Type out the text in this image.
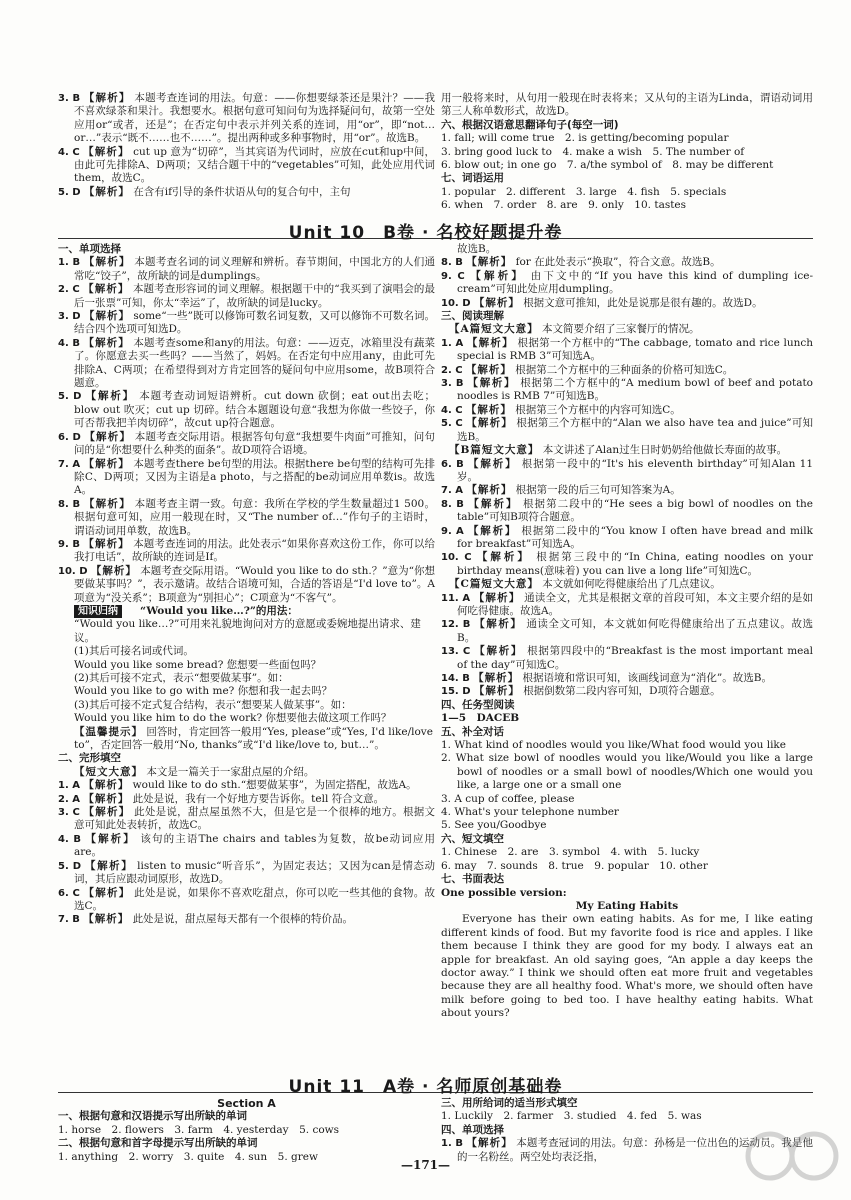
3. B 【解析】 本题考查连词的用法。句意：——你想要绿茶还是果汁？——我不喜欢绿茶和果汁。我想要水。根据句意可知问句为选择疑问句，故第一空处应用or“或者，还是”；在否定句中表示并列关系的连词，用“or”，即“not…or…”表示“既不……也不……”。提出两种或多种事物时，用“or”。故选B。

4. C 【解析】 cut up 意为“切碎”，当其宾语为代词时，应放在cut和up中间，由此可先排除A、D两项；又结合题干中的“vegetables”可知，此处应用代词them，故选C。

5. D 【解析】 在含有if引导的条件状语从句的复合句中，主句

用一般将来时，从句用一般现在时表将来；又从句的主语为Linda，谓语动词用第三人称单数形式，故选D。

六、根据汉语意思翻译句子(每空一词)

1. fall; will come true　2. is getting/becoming popular

3. bring good luck to　4. make a wish　5. The number of

6. blow out; in one go　7. a/the symbol of　8. may be different

七、词语运用

1. popular　2. different　3. large　4. fish　5. specials

6. when　7. order　8. are　9. only　10. tastes

Unit 10　B卷 · 名校好题提升卷

一、单项选择

1. B 【解析】 本题考查名词的词义理解和辨析。春节期间，中国北方的人们通常吃“饺子”，故所缺的词是dumplings。

2. C 【解析】 本题考查形容词的词义理解。根据题干中的“我买到了演唱会的最后一张票”可知，你太“幸运”了，故所缺的词是lucky。

3. D 【解析】 some“一些”既可以修饰可数名词复数，又可以修饰不可数名词。结合四个选项可知选D。

4. B 【解析】 本题考查some和any的用法。句意：——迈克，冰箱里没有蔬菜了。你愿意去买一些吗？——当然了，妈妈。在否定句中应用any，由此可先排除A、C两项；在希望得到对方肯定回答的疑问句中应用some，故B项符合题意。

5. D 【解析】 本题考查动词短语辨析。cut down 砍倒；eat out出去吃；blow out 吹灭；cut up 切碎。结合本题题设句意“我想为你做一些饺子，你可否帮我把羊肉切碎”，故cut up符合题意。

6. D 【解析】 本题考查交际用语。根据答句句意“我想要牛肉面”可推知，问句问的是“你想要什么种类的面条”。故D项符合语境。

7. A 【解析】 本题考查there be句型的用法。根据there be句型的结构可先排除C、D两项；又因为主语是a photo，与之搭配的be动词应用单数is。故选A。

8. B 【解析】 本题考查主谓一致。句意：我所在学校的学生数量超过1 500。根据句意可知，应用一般现在时，又“The number of…”作句子的主语时，谓语动词用单数，故选B。

9. B 【解析】 本题考查连词的用法。此处表示“如果你喜欢这份工作，你可以给我打电话”，故所缺的连词是If。

10. D 【解析】 本题考查交际用语。“Would you like to do sth.？”意为“你想要做某事吗？”，表示邀请。故结合语境可知，合适的答语是“I'd love to”。A项意为“没关系”；B项意为“别担心”；C项意为“不客气”。

知识归纳 “Would you like…?”的用法：

“Would you like…?”可用来礼貌地询问对方的意愿或委婉地提出请求、建议。

(1)其后可接名词或代词。

Would you like some bread? 您想要一些面包吗？

(2)其后可接不定式，表示“想要做某事”。如：

Would you like to go with me? 你想和我一起去吗？

(3)其后可接不定式复合结构，表示“想要某人做某事”。如：

Would you like him to do the work? 你想要他去做这项工作吗？

【温馨提示】 回答时，肯定回答一般用“Yes, please”或“Yes, I'd like/love to”，否定回答一般用“No, thanks”或“I'd like/love to, but…”。

二、完形填空

【短文大意】 本文是一篇关于一家甜点屋的介绍。

1. A 【解析】 would like to do sth.“想要做某事”，为固定搭配，故选A。

2. A 【解析】 此处是说，我有一个好地方要告诉你。tell 符合文意。

3. C 【解析】 此处是说，甜点屋虽然不大，但是它是一个很棒的地方。根据文意可知此处表转折，故选C。

4. B 【解析】 该句的主语The chairs and tables为复数，故be动词应用are。

5. D 【解析】 listen to music“听音乐”，为固定表达；又因为can是情态动词，其后应跟动词原形，故选D。

6. C 【解析】 此处是说，如果你不喜欢吃甜点，你可以吃一些其他的食物。故选C。

7. B 【解析】 此处是说，甜点屋每天都有一个很棒的特价品。

故选B。

8. B 【解析】 for 在此处表示“换取”，符合文意。故选B。

9. C 【解析】 由下文中的“If you have this kind of dumpling ice-cream”可知此处应用dumpling。

10. D 【解析】 根据文意可推知，此处是说那是很有趣的。故选D。

三、阅读理解

【A篇短文大意】 本文简要介绍了三家餐厅的情况。

1. A 【解析】 根据第一个方框中的“The cabbage, tomato and rice lunch special is RMB 3”可知选A。

2. C 【解析】 根据第二个方框中的三种面条的价格可知选C。

3. B 【解析】 根据第二个方框中的“A medium bowl of beef and potato noodles is RMB 7”可知选B。

4. C 【解析】 根据第三个方框中的内容可知选C。

5. C 【解析】 根据第三个方框中的“Alan we also have tea and juice”可知选B。

【B篇短文大意】 本文讲述了Alan过生日时奶奶给他做长寿面的故事。

6. B 【解析】 根据第一段中的“It's his eleventh birthday”可知Alan 11岁。

7. A 【解析】 根据第一段的后三句可知答案为A。

8. B 【解析】 根据第二段中的“He sees a big bowl of noodles on the table”可知B项符合题意。

9. A 【解析】 根据第二段中的“You know I often have bread and milk for breakfast”可知选A。

10. C 【解析】 根据第三段中的“In China, eating noodles on your birthday means(意味着) you can live a long life”可知选C。

【C篇短文大意】 本文就如何吃得健康给出了几点建议。

11. A 【解析】 通读全文，尤其是根据文章的首段可知，本文主要介绍的是如何吃得健康。故选A。

12. B 【解析】 通读全文可知，本文就如何吃得健康给出了五点建议。故选B。

13. C 【解析】 根据第四段中的“Breakfast is the most important meal of the day”可知选C。

14. B 【解析】 根据语境和常识可知，该画线词意为“消化”。故选B。

15. D 【解析】 根据倒数第二段内容可知，D项符合题意。

四、任务型阅读

1—5　DACEB

五、补全对话

1. What kind of noodles would you like/What food would you like

2. What size bowl of noodles would you like/Would you like a large bowl of noodles or a small bowl of noodles/Which one would you like, a large one or a small one

3. A cup of coffee, please

4. What's your telephone number

5. See you/Goodbye

六、短文填空

1. Chinese　2. are　3. symbol　4. with　5. lucky

6. may　7. sounds　8. true　9. popular　10. other

七、书面表达

One possible version:

My Eating Habits

Everyone has their own eating habits. As for me, I like eating different kinds of food. But my favorite food is rice and apples. I like them because I think they are good for my body. I always eat an apple for breakfast. An old saying goes, “An apple a day keeps the doctor away.” I think we should often eat more fruit and vegetables because they are all healthy food. What's more, we should often have milk before going to bed too. I have healthy eating habits. What about yours?

Unit 11　A卷 · 名师原创基础卷

Section A

一、根据句意和汉语提示写出所缺的单词

1. horse　2. flowers　3. farm　4. yesterday　5. cows

二、根据句意和首字母提示写出所缺的单词

1. anything　2. worry　3. quite　4. sun　5. grew

三、用所给词的适当形式填空

1. Luckily　2. farmer　3. studied　4. fed　5. was

四、单项选择

1. B 【解析】 本题考查冠词的用法。句意：孙杨是一位出色的运动员。我是他的一名粉丝。两空处均表泛指，

—171—
